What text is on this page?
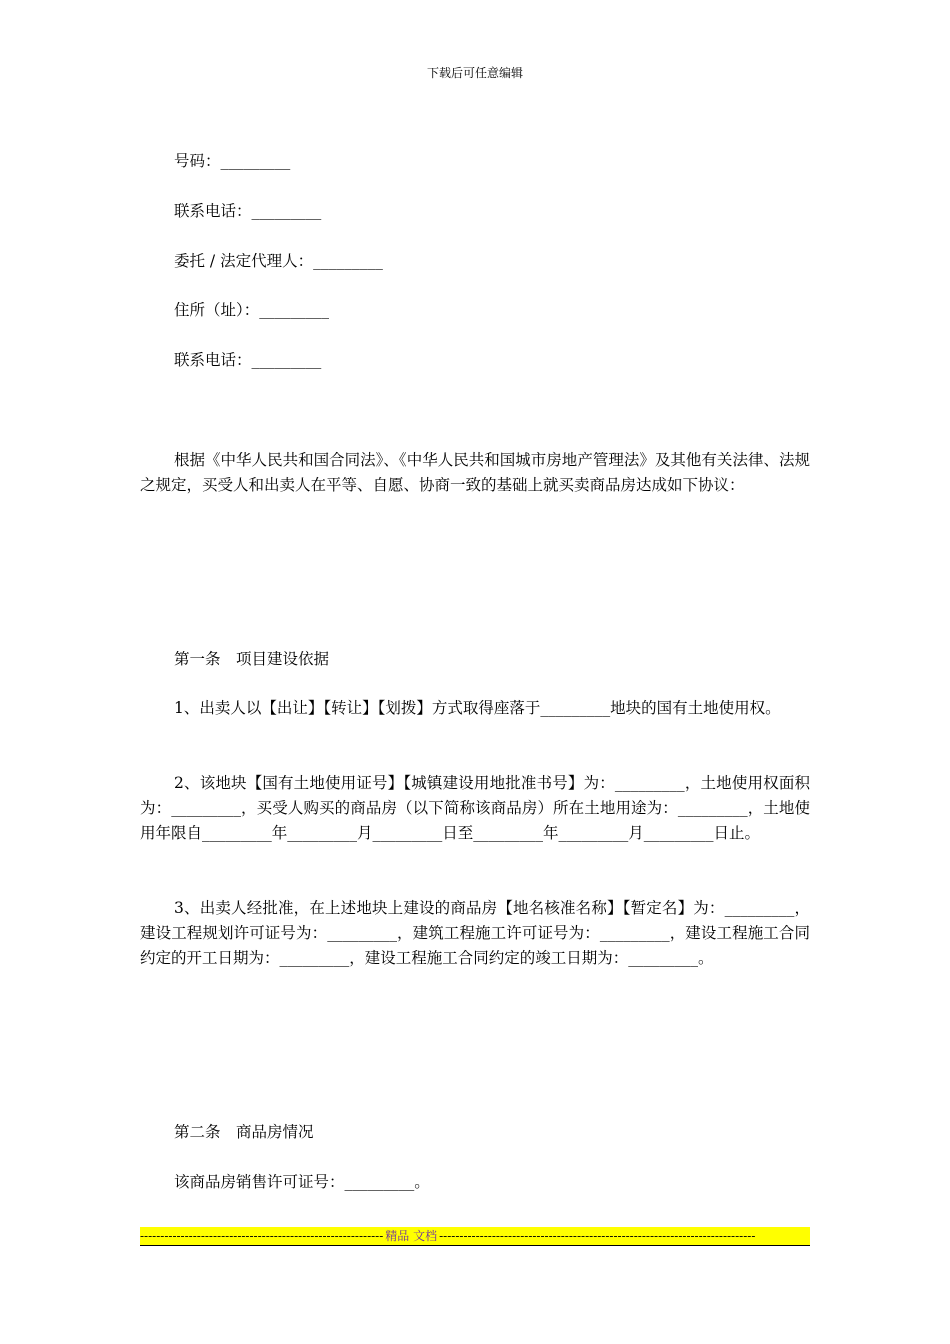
下载后可任意编辑
号码：_________
联系电话：_________
委托 / 法定代理人：_________
住所（址）：_________
联系电话：_________
根据《中华人民共和国合同法》、《中华人民共和国城市房地产管理法》及其他有关法律、法规之规定，买受人和出卖人在平等、自愿、协商一致的基础上就买卖商品房达成如下协议：
第一条　项目建设依据
1、出卖人以【出让】【转让】【划拨】方式取得座落于_________地块的国有土地使用权。
2、该地块【国有土地使用证号】【城镇建设用地批准书号】为：_________，土地使用权面积为：_________，买受人购买的商品房（以下简称该商品房）所在土地用途为：_________，土地使用年限自_________年_________月_________日至_________年_________月_________日止。
3、出卖人经批准，在上述地块上建设的商品房【地名核准名称】【暂定名】为：_________，建设工程规划许可证号为：_________，建筑工程施工许可证号为：_________，建设工程施工合同约定的开工日期为：_________，建设工程施工合同约定的竣工日期为：_________。
第二条　商品房情况
该商品房销售许可证号：_________。
------------------------------------------------------------ 精品 文档 ------------------------------------------------------------------------------
